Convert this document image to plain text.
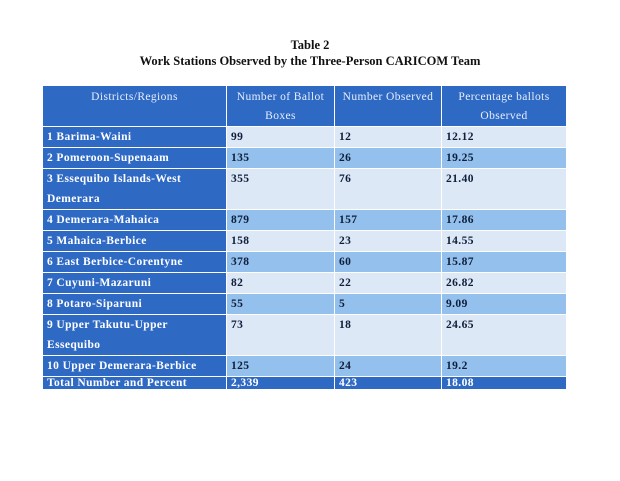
Table 2
Work Stations Observed by the Three-Person CARICOM Team
Districts/Regions	Number of Ballot Boxes	Number Observed	Percentage ballots Observed
1 Barima-Waini	99	12	12.12
2 Pomeroon-Supenaam	135	26	19.25
3 Essequibo Islands-West Demerara	355	76	21.40
4 Demerara-Mahaica	879	157	17.86
5 Mahaica-Berbice	158	23	14.55
6 East Berbice-Corentyne	378	60	15.87
7 Cuyuni-Mazaruni	82	22	26.82
8 Potaro-Siparuni	55	5	9.09
9 Upper Takutu-Upper Essequibo	73	18	24.65
10 Upper Demerara-Berbice	125	24	19.2
Total Number and Percent	2,339	423	18.08
